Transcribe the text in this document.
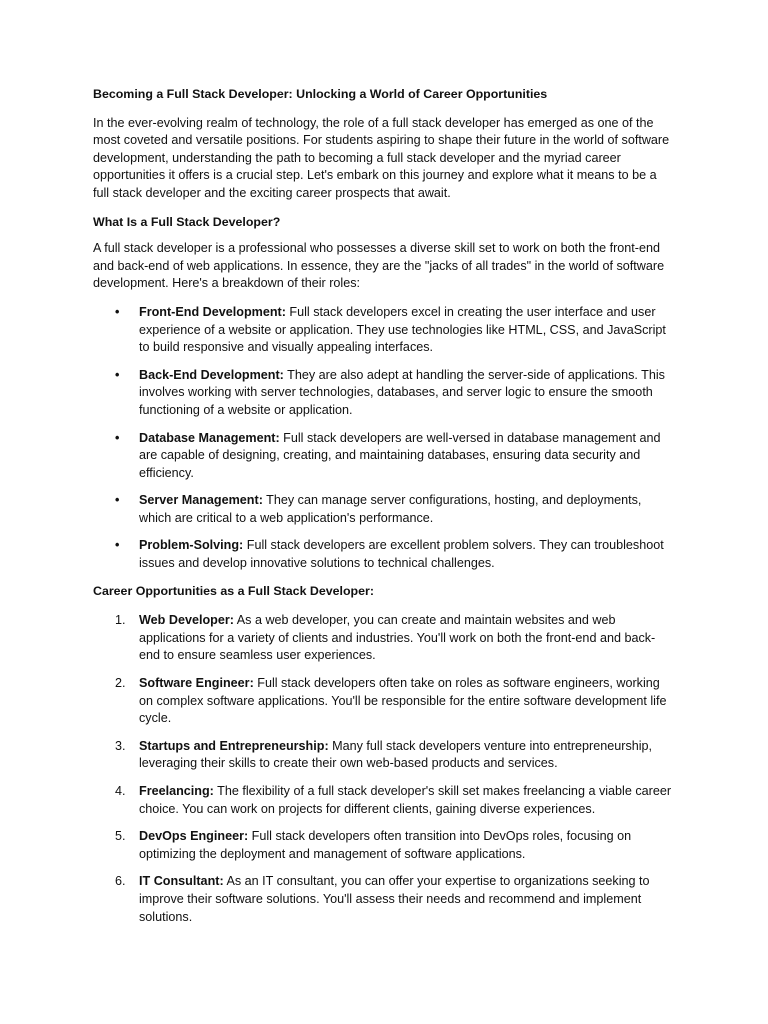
Becoming a Full Stack Developer: Unlocking a World of Career Opportunities

In the ever-evolving realm of technology, the role of a full stack developer has emerged as one of the most coveted and versatile positions. For students aspiring to shape their future in the world of software development, understanding the path to becoming a full stack developer and the myriad career opportunities it offers is a crucial step. Let's embark on this journey and explore what it means to be a full stack developer and the exciting career prospects that await.

What Is a Full Stack Developer?

A full stack developer is a professional who possesses a diverse skill set to work on both the front-end and back-end of web applications. In essence, they are the "jacks of all trades" in the world of software development. Here's a breakdown of their roles:

• Front-End Development: Full stack developers excel in creating the user interface and user experience of a website or application. They use technologies like HTML, CSS, and JavaScript to build responsive and visually appealing interfaces.
• Back-End Development: They are also adept at handling the server-side of applications. This involves working with server technologies, databases, and server logic to ensure the smooth functioning of a website or application.
• Database Management: Full stack developers are well-versed in database management and are capable of designing, creating, and maintaining databases, ensuring data security and efficiency.
• Server Management: They can manage server configurations, hosting, and deployments, which are critical to a web application's performance.
• Problem-Solving: Full stack developers are excellent problem solvers. They can troubleshoot issues and develop innovative solutions to technical challenges.
Career Opportunities as a Full Stack Developer:
1. Web Developer: As a web developer, you can create and maintain websites and web applications for a variety of clients and industries. You'll work on both the front-end and back-end to ensure seamless user experiences.
2. Software Engineer: Full stack developers often take on roles as software engineers, working on complex software applications. You'll be responsible for the entire software development life cycle.
3. Startups and Entrepreneurship: Many full stack developers venture into entrepreneurship, leveraging their skills to create their own web-based products and services.
4. Freelancing: The flexibility of a full stack developer's skill set makes freelancing a viable career choice. You can work on projects for different clients, gaining diverse experiences.
5. DevOps Engineer: Full stack developers often transition into DevOps roles, focusing on optimizing the deployment and management of software applications.
6. IT Consultant: As an IT consultant, you can offer your expertise to organizations seeking to improve their software solutions. You'll assess their needs and recommend and implement solutions.
